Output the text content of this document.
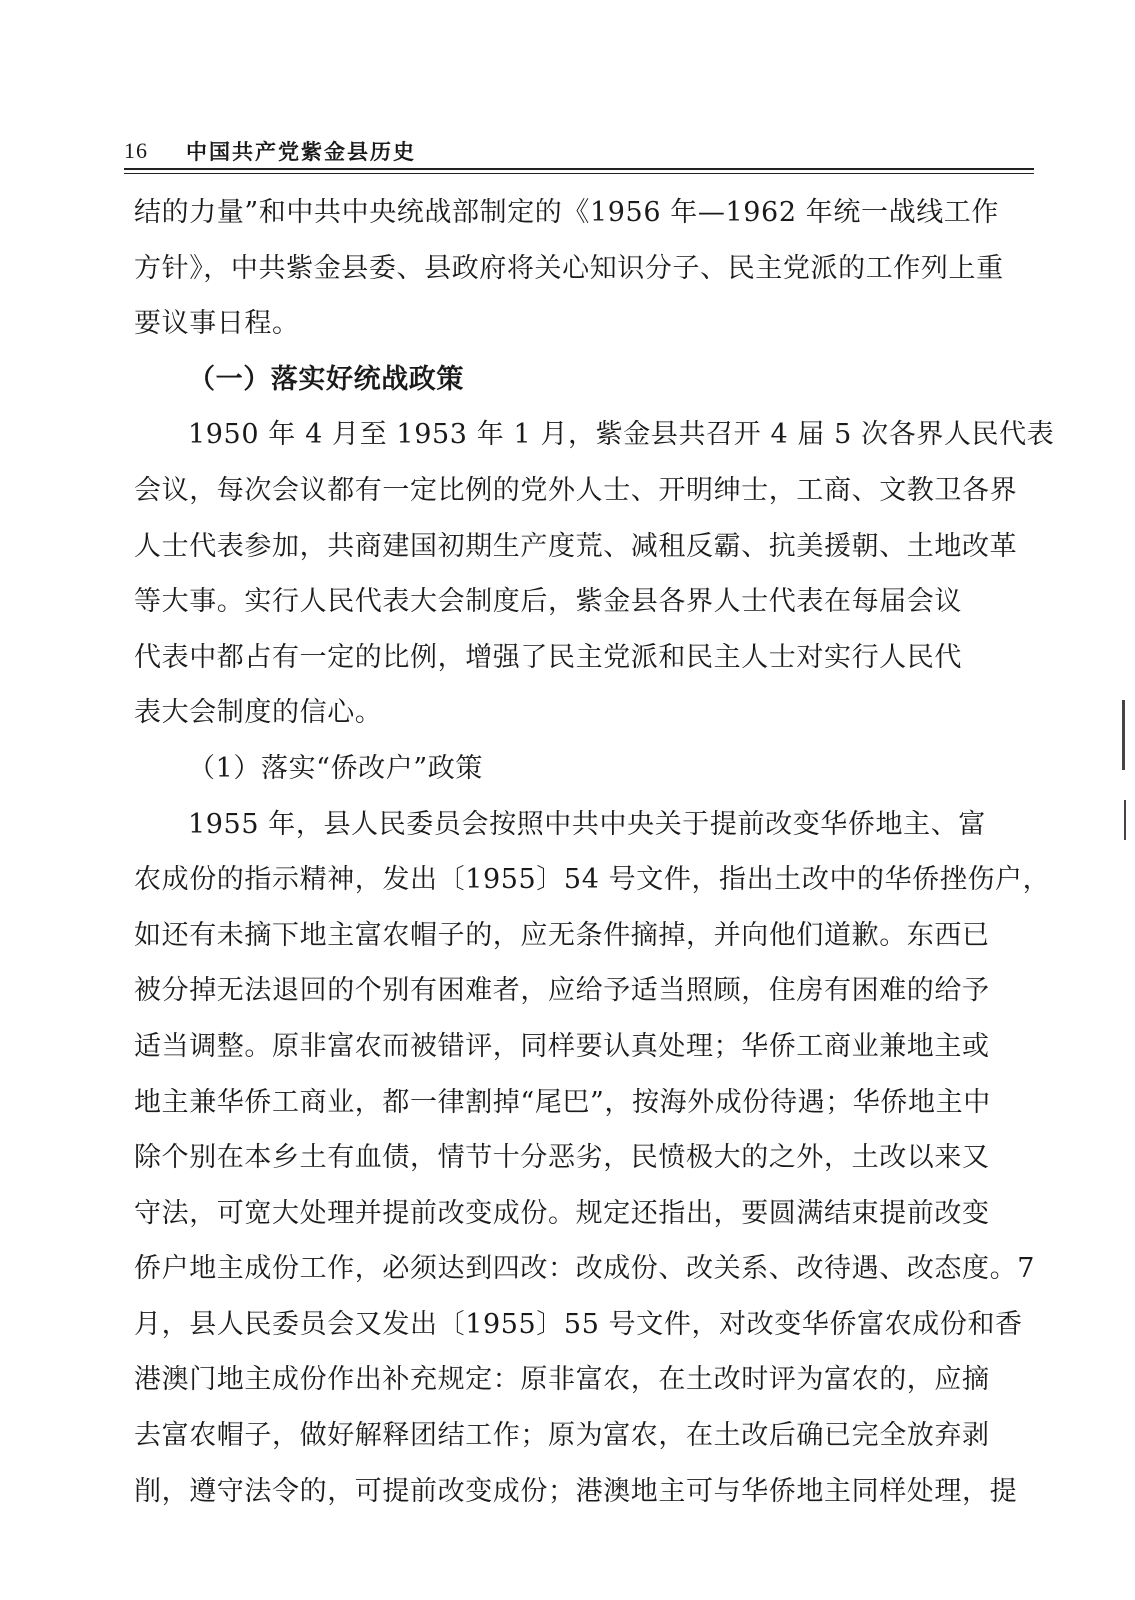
16	中国共产党紫金县历史
结的力量”和中共中央统战部制定的《1956 年—1962 年统一战线工作
方针》，中共紫金县委、县政府将关心知识分子、民主党派的工作列上重
要议事日程。
（一）落实好统战政策
1950 年 4 月至 1953 年 1 月，紫金县共召开 4 届 5 次各界人民代表
会议，每次会议都有一定比例的党外人士、开明绅士，工商、文教卫各界
人士代表参加，共商建国初期生产度荒、减租反霸、抗美援朝、土地改革
等大事。实行人民代表大会制度后，紫金县各界人士代表在每届会议
代表中都占有一定的比例，增强了民主党派和民主人士对实行人民代
表大会制度的信心。
（1）落实“侨改户”政策
1955 年，县人民委员会按照中共中央关于提前改变华侨地主、富
农成份的指示精神，发出〔1955〕54 号文件，指出土改中的华侨挫伤户，
如还有未摘下地主富农帽子的，应无条件摘掉，并向他们道歉。东西已
被分掉无法退回的个别有困难者，应给予适当照顾，住房有困难的给予
适当调整。原非富农而被错评，同样要认真处理；华侨工商业兼地主或
地主兼华侨工商业，都一律割掉“尾巴”，按海外成份待遇；华侨地主中
除个别在本乡土有血债，情节十分恶劣，民愤极大的之外，土改以来又
守法，可宽大处理并提前改变成份。规定还指出，要圆满结束提前改变
侨户地主成份工作，必须达到四改：改成份、改关系、改待遇、改态度。7
月，县人民委员会又发出〔1955〕55 号文件，对改变华侨富农成份和香
港澳门地主成份作出补充规定：原非富农，在土改时评为富农的，应摘
去富农帽子，做好解释团结工作；原为富农，在土改后确已完全放弃剥
削，遵守法令的，可提前改变成份；港澳地主可与华侨地主同样处理，提
